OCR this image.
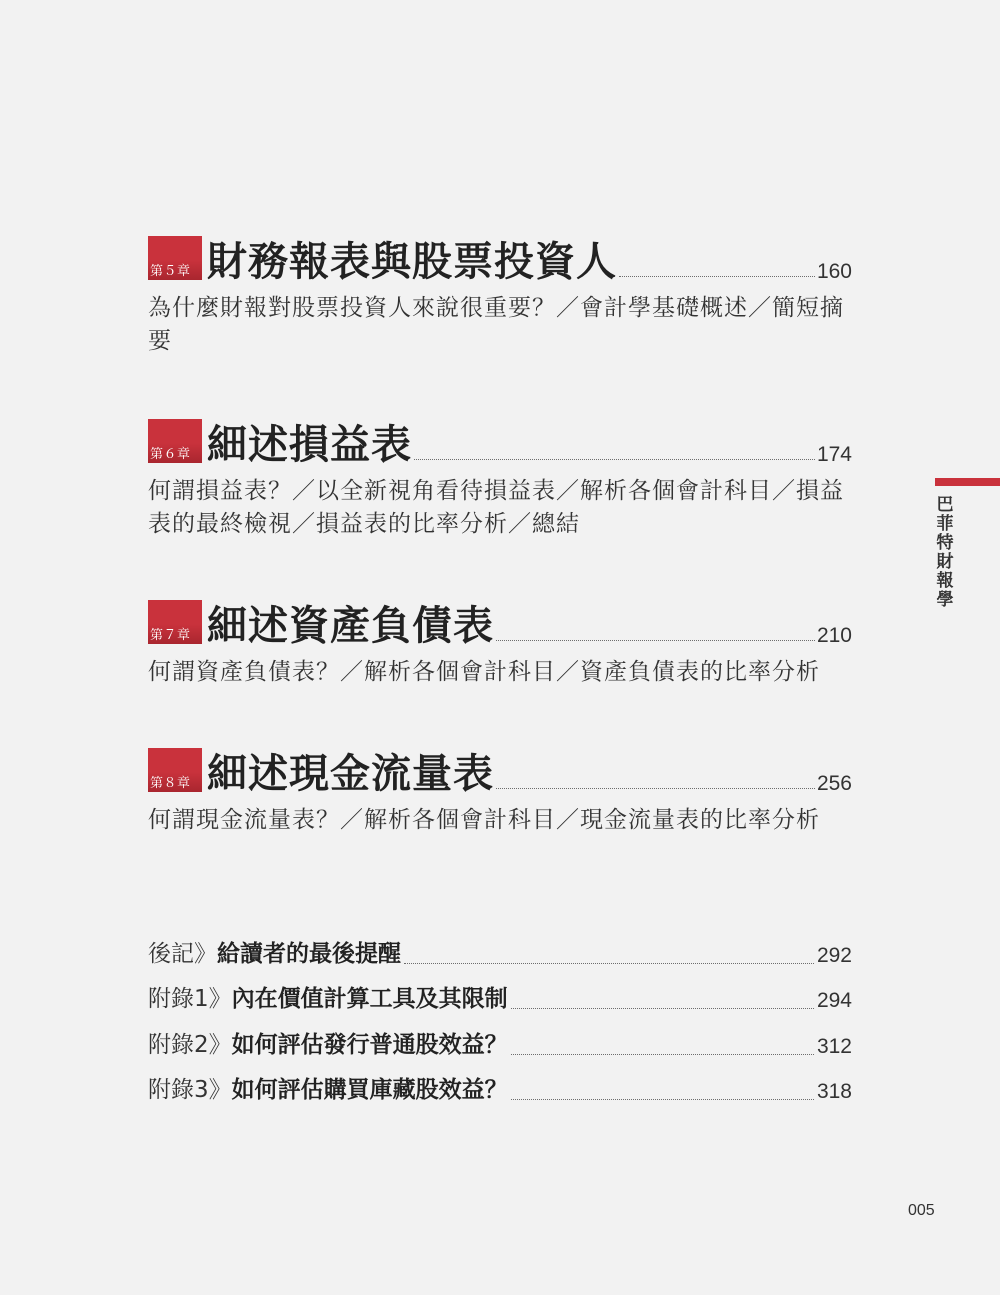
第５章 財務報表與股票投資人	160
為什麼財報對股票投資人來說很重要？／會計學基礎概述／簡短摘要
第６章 細述損益表	174
何謂損益表？／以全新視角看待損益表／解析各個會計科目／損益表的最終檢視／損益表的比率分析／總結
第７章 細述資產負債表	210
何謂資產負債表？／解析各個會計科目／資產負債表的比率分析
第８章 細述現金流量表	256
何謂現金流量表？／解析各個會計科目／現金流量表的比率分析
後記》 給讀者的最後提醒	292
附錄1》 內在價值計算工具及其限制	294
附錄2》 如何評估發行普通股效益？	312
附錄3》 如何評估購買庫藏股效益？	318
巴菲特財報學
005
